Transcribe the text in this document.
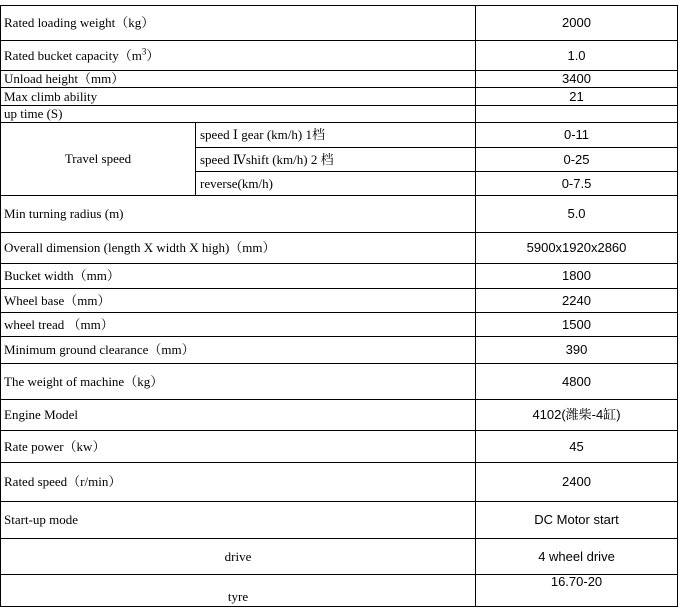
Rated loading weight（kg）		2000
Rated bucket $capacity(m^3)$		1.0
Unload height（mm）		3400
Max climb ability		21
up time (S)		
Travel speed	speed Ⅰ gear (km/h) 1档	0-11
	speed Ⅳshift (km/h) 2 档	0-25
	reverse(km/h)	0-7.5
Min turning radius (m)		5.0
Overall dimension (length X width X high)（mm）		5900x1920x2860
Bucket width（mm）		1800
Wheel base（mm）		2240
wheel tread （mm）		1500
Minimum ground clearance（mm）		390
The weight of machine（kg）		4800
Engine Model		4102(潍柴-4缸)
Rate power（kw）		45
Rated speed（r/min）		2400
Start-up mode		DC Motor start
drive		4 wheel drive
tyre		16.70-20
